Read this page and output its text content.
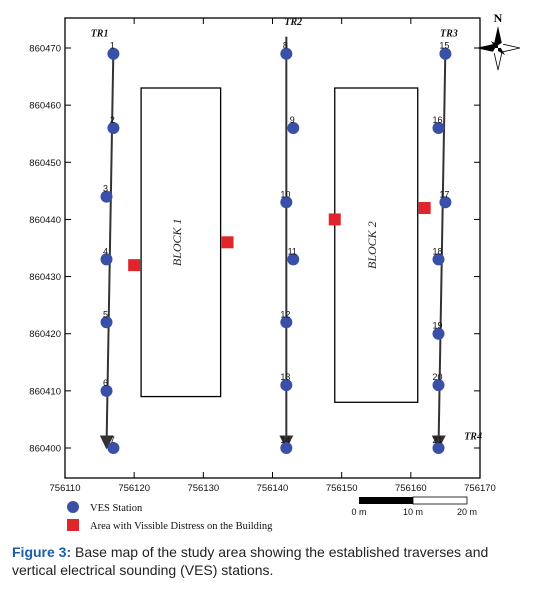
860400
860410
860420
860430
860440
860450
860460
860470
756110	756120	756130	756140	756150	756160	756170
BLOCK 1	BLOCK 2
TR1
TR2
TR3
TR4
1
2
3
4
5
6
7
8
9
10
11
12
13
14
15
16
17
18
19
20
21
N
VES Station
Area with Vissible Distress on the Building
0 m	10 m	20 m
Figure 3: Base map of the study area showing the established traverses and vertical electrical sounding (VES) stations.
